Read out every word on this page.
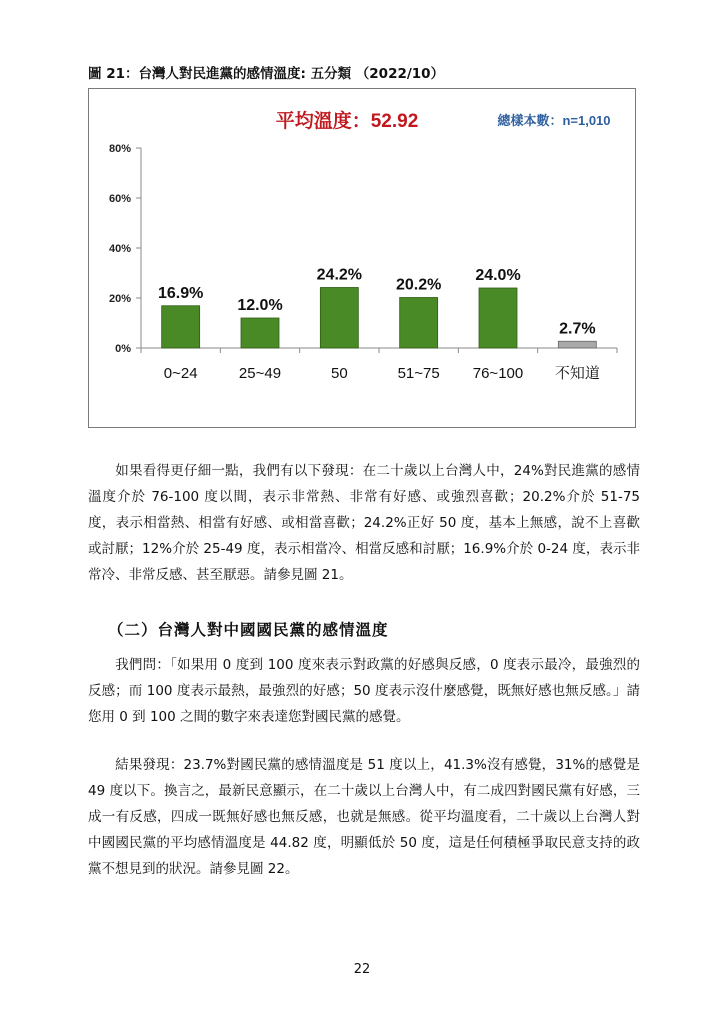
圖 21：台灣人對民進黨的感情溫度: 五分類 （2022/10）
平均溫度：52.92	總樣本數：n=1,010
0%
20%
40%
60%
80%
16.9%
0~24
12.0%
25~49
24.2%
50
20.2%
51~75
24.0%
76~100
2.7%
不知道

如果看得更仔細一點，我們有以下發現：在二十歲以上台灣人中，24%對民進黨的感情溫度介於 76-100 度以間，表示非常熱、非常有好感、或強烈喜歡；20.2%介於 51-75 度，表示相當熱、相當有好感、或相當喜歡；24.2%正好 50 度，基本上無感，說不上喜歡或討厭；12%介於 25-49 度，表示相當冷、相當反感和討厭；16.9%介於 0-24 度，表示非常冷、非常反感、甚至厭惡。請參見圖 21。

（二）台灣人對中國國民黨的感情溫度

我們問：「如果用 0 度到 100 度來表示對政黨的好感與反感，0 度表示最冷，最強烈的反感；而 100 度表示最熱，最強烈的好感；50 度表示沒什麼感覺，既無好感也無反感。」請您用 0 到 100 之間的數字來表達您對國民黨的感覺。

結果發現：23.7%對國民黨的感情溫度是 51 度以上，41.3%沒有感覺，31%的感覺是 49 度以下。換言之，最新民意顯示，在二十歲以上台灣人中，有二成四對國民黨有好感，三成一有反感，四成一既無好感也無反感，也就是無感。從平均溫度看，二十歲以上台灣人對中國國民黨的平均感情溫度是 44.82 度，明顯低於 50 度，這是任何積極爭取民意支持的政黨不想見到的狀況。請參見圖 22。

22
